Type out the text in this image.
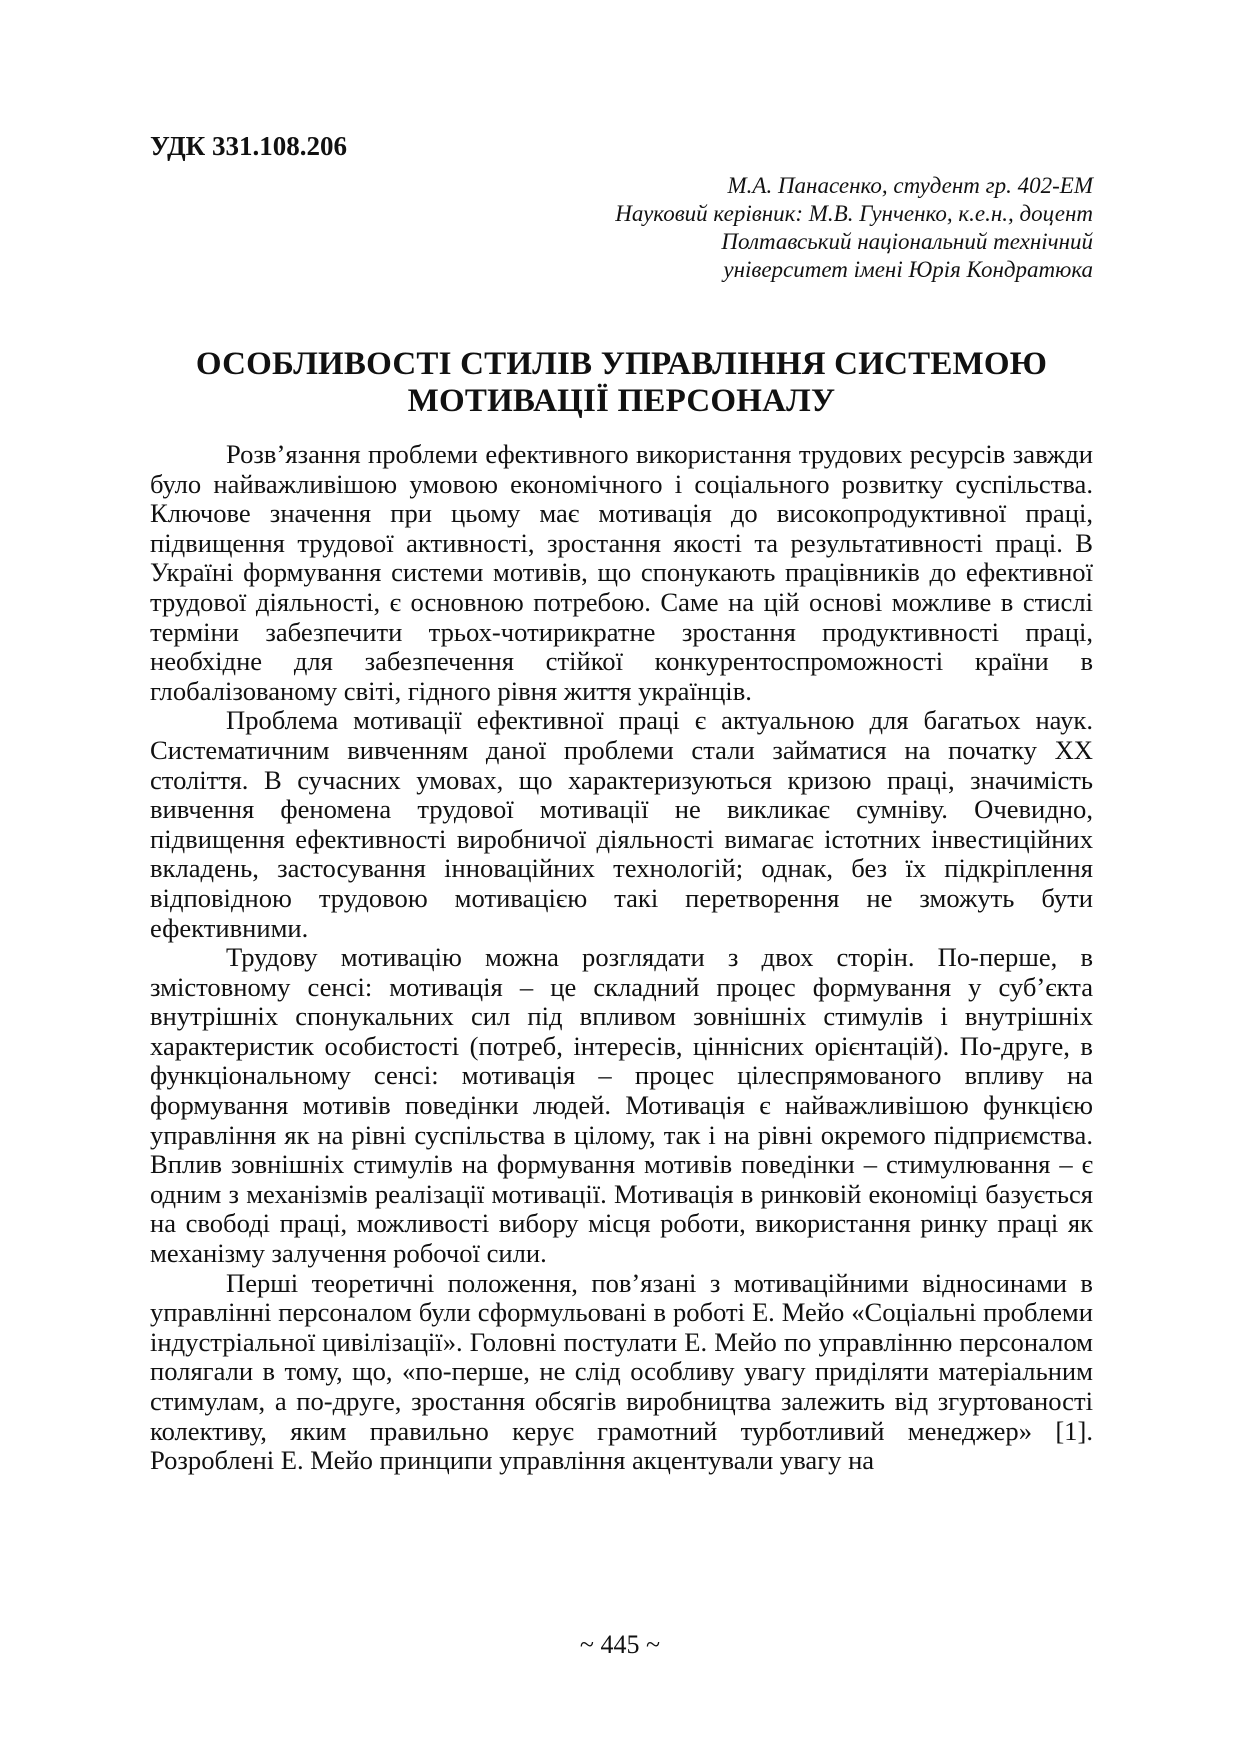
УДК 331.108.206
М.А. Панасенко, студент гр. 402-ЕМ
Науковий керівник: М.В. Гунченко, к.е.н., доцент
Полтавський національний технічний
університет імені Юрія Кондратюка
ОСОБЛИВОСТІ СТИЛІВ УПРАВЛІННЯ СИСТЕМОЮ
МОТИВАЦІЇ ПЕРСОНАЛУ

Розв’язання проблеми ефективного використання трудових ресурсів завжди було найважливішою умовою економічного і соціального розвитку суспільства. Ключове значення при цьому має мотивація до високопродуктивної праці, підвищення трудової активності, зростання якості та результативності праці. В Україні формування системи мотивів, що спонукають працівників до ефективної трудової діяльності, є основною потребою. Саме на цій основі можливе в стислі терміни забезпечити трьох-чотирикратне зростання продуктивності праці, необхідне для забезпечення стійкої конкурентоспроможності країни в глобалізованому світі, гідного рівня життя українців.

Проблема мотивації ефективної праці є актуальною для багатьох наук. Систематичним вивченням даної проблеми стали займатися на початку ХХ століття. В сучасних умовах, що характеризуються кризою праці, значимість вивчення феномена трудової мотивації не викликає сумніву. Очевидно, підвищення ефективності виробничої діяльності вимагає істотних інвестиційних вкладень, застосування інноваційних технологій; однак, без їх підкріплення відповідною трудовою мотивацією такі перетворення не зможуть бути ефективними.

Трудову мотивацію можна розглядати з двох сторін. По-перше, в змістовному сенсі: мотивація – це складний процес формування у суб’єкта внутрішніх спонукальних сил під впливом зовнішніх стимулів і внутрішніх характеристик особистості (потреб, інтересів, ціннісних орієнтацій). По-друге, в функціональному сенсі: мотивація – процес цілеспрямованого впливу на формування мотивів поведінки людей. Мотивація є найважливішою функцією управління як на рівні суспільства в цілому, так і на рівні окремого підприємства. Вплив зовнішніх стимулів на формування мотивів поведінки – стимулювання – є одним з механізмів реалізації мотивації. Мотивація в ринковій економіці базується на свободі праці, можливості вибору місця роботи, використання ринку праці як механізму залучення робочої сили.

Перші теоретичні положення, пов’язані з мотиваційними відносинами в управлінні персоналом були сформульовані в роботі Е. Мейо «Соціальні проблеми індустріальної цивілізації». Головні постулати Е. Мейо по управлінню персоналом полягали в тому, що, «по-перше, не слід особливу увагу приділяти матеріальним стимулам, а по-друге, зростання обсягів виробництва залежить від згуртованості колективу, яким правильно керує грамотний турботливий менеджер» [1]. Розроблені Е. Мейо принципи управління акцентували увагу на

~ 445 ~
